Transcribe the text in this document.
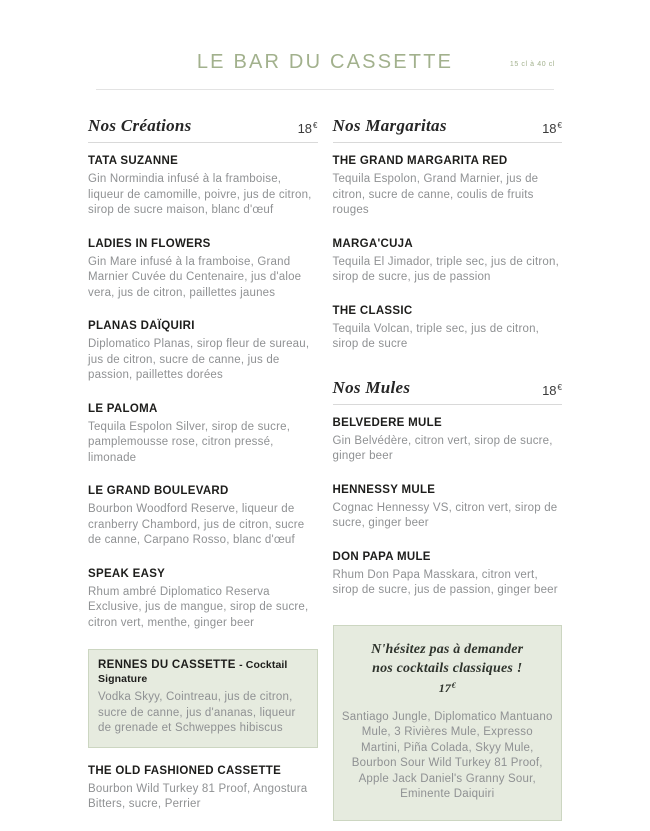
LE BAR DU CASSETTE	15 cl à 40 cl
Nos Créations	18€
TATA SUZANNE
Gin Normindia infusé à la framboise, liqueur de camomille, poivre, jus de citron, sirop de sucre maison, blanc d'œuf
LADIES IN FLOWERS
Gin Mare infusé à la framboise, Grand Marnier Cuvée du Centenaire, jus d'aloe vera, jus de citron, paillettes jaunes
PLANAS DAÏQUIRI
Diplomatico Planas, sirop fleur de sureau, jus de citron, sucre de canne, jus de passion, paillettes dorées
LE PALOMA
Tequila Espolon Silver, sirop de sucre, pamplemousse rose, citron pressé, limonade
LE GRAND BOULEVARD
Bourbon Woodford Reserve, liqueur de cranberry Chambord, jus de citron, sucre de canne, Carpano Rosso, blanc d'œuf
SPEAK EASY
Rhum ambré Diplomatico Reserva Exclusive, jus de mangue, sirop de sucre, citron vert, menthe, ginger beer
RENNES DU CASSETTE - Cocktail Signature
Vodka Skyy, Cointreau, jus de citron, sucre de canne, jus d'ananas, liqueur de grenade et Schweppes hibiscus
THE OLD FASHIONED CASSETTE
Bourbon Wild Turkey 81 Proof, Angostura Bitters, sucre, Perrier
Nos Margaritas	18€
THE GRAND MARGARITA RED
Tequila Espolon, Grand Marnier, jus de citron, sucre de canne, coulis de fruits rouges
MARGA'CUJA
Tequila El Jimador, triple sec, jus de citron, sirop de sucre, jus de passion
THE CLASSIC
Tequila Volcan, triple sec, jus de citron, sirop de sucre
Nos Mules	18€
BELVEDERE MULE
Gin Belvédère, citron vert, sirop de sucre, ginger beer
HENNESSY MULE
Cognac Hennessy VS, citron vert, sirop de sucre, ginger beer
DON PAPA MULE
Rhum Don Papa Masskara, citron vert, sirop de sucre, jus de passion, ginger beer
N'hésitez pas à demander
nos cocktails classiques !
17€
Santiago Jungle, Diplomatico Mantuano Mule, 3 Rivières Mule, Expresso Martini, Piña Colada, Skyy Mule, Bourbon Sour Wild Turkey 81 Proof, Apple Jack Daniel's Granny Sour, Eminente Daiquiri
